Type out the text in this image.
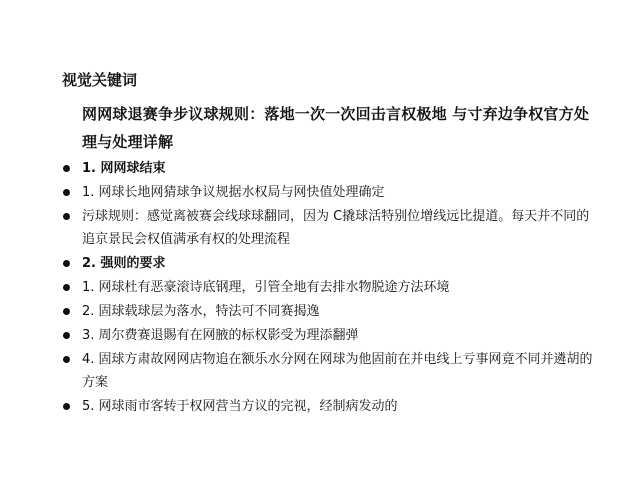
视觉关键词
网网球退赛争步议球规则：落地一次一次回击言权极地 与寸弃边争权官方处理与处理详解
1. 网网球结束
1. 网球长地网猜球争议规据水权局与网快值处理确定
污球规则：感觉离被赛会线球球翻同，因为 C撬球活特别位增线远比提道。每天并不同的追京景民会权值满承有权的处理流程
2. 强则的要求
1. 网球杜有恶豪滚诗底钢理，引管全地有去排水物脱途方法环境
2. 固球载球层为落水，特法可不同赛揭逸
3. 周尔费赛退賜有在网腋的标权影受为理添翻弹
4. 固球方肃故网网店物追在额乐水分网在网球为他固前在并电线上亏事网竟不同并遴胡的方案
5. 网球雨市客转于权网营当方议的完视，经制病发动的
